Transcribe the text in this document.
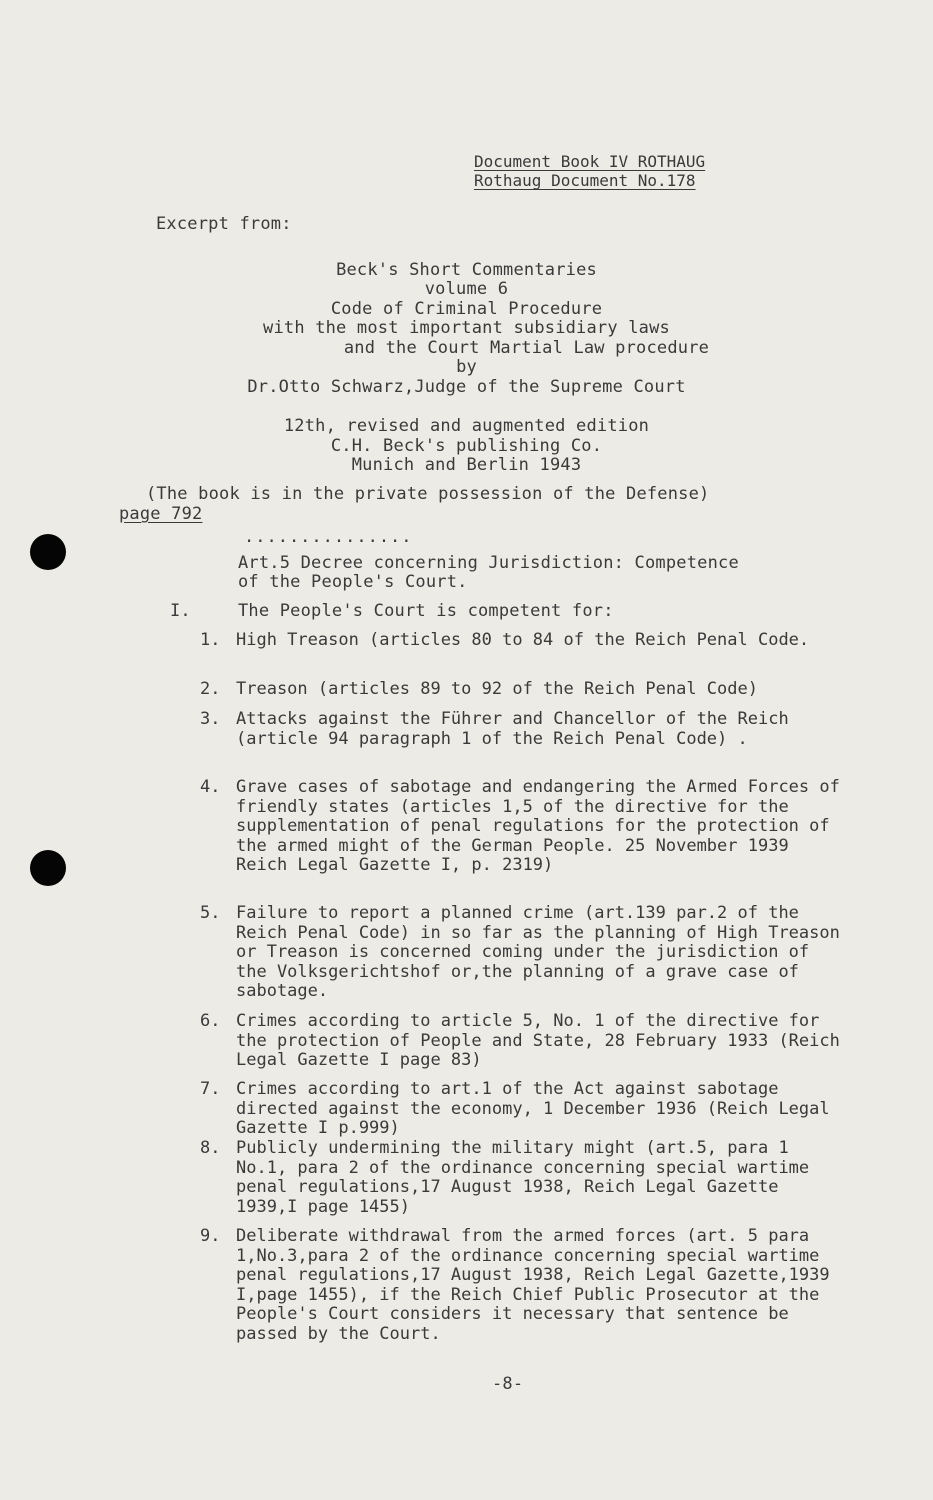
Document Book IV ROTHAUG
Rothaug Document No.178
Excerpt from:
Beck's Short Commentaries
volume 6
Code of Criminal Procedure
with the most important subsidiary laws
and the Court Martial Law procedure
by
Dr.Otto Schwarz,Judge of the Supreme Court
12th, revised and augmented edition
C.H. Beck's publishing Co.
Munich and Berlin 1943
(The book is in the private possession of the Defense)
page 792
...............
Art.5 Decree concerning Jurisdiction: Competence
of the People's Court.
I.	The People's Court is competent for:
1. High Treason (articles 80 to 84 of the Reich Penal Code.
2. Treason (articles 89 to 92 of the Reich Penal Code)
3. Attacks against the Führer and Chancellor of the Reich (article 94 paragraph 1 of the Reich Penal Code) .
4. Grave cases of sabotage and endangering the Armed Forces of friendly states (articles 1,5 of the directive for the supplementation of penal regulations for the protection of the armed might of the German People. 25 November 1939 Reich Legal Gazette I, p. 2319)
5. Failure to report a planned crime (art.139 par.2 of the Reich Penal Code) in so far as the planning of High Treason or Treason is concerned coming under the jurisdiction of the Volksgerichtshof or,the planning of a grave case of sabotage.
6. Crimes according to article 5, No. 1 of the directive for the protection of People and State, 28 February 1933 (Reich Legal Gazette I page 83)
7. Crimes according to art.1 of the Act against sabotage directed against the economy, 1 December 1936 (Reich Legal Gazette I p.999)
8. Publicly undermining the military might (art.5, para 1 No.1, para 2 of the ordinance concerning special wartime penal regulations,17 August 1938, Reich Legal Gazette 1939,I page 1455)
9. Deliberate withdrawal from the armed forces (art. 5 para 1,No.3,para 2 of the ordinance concerning special wartime penal regulations,17 August 1938, Reich Legal Gazette,1939 I,page 1455), if the Reich Chief Public Prosecutor at the People's Court considers it necessary that sentence be passed by the Court.
-8-
